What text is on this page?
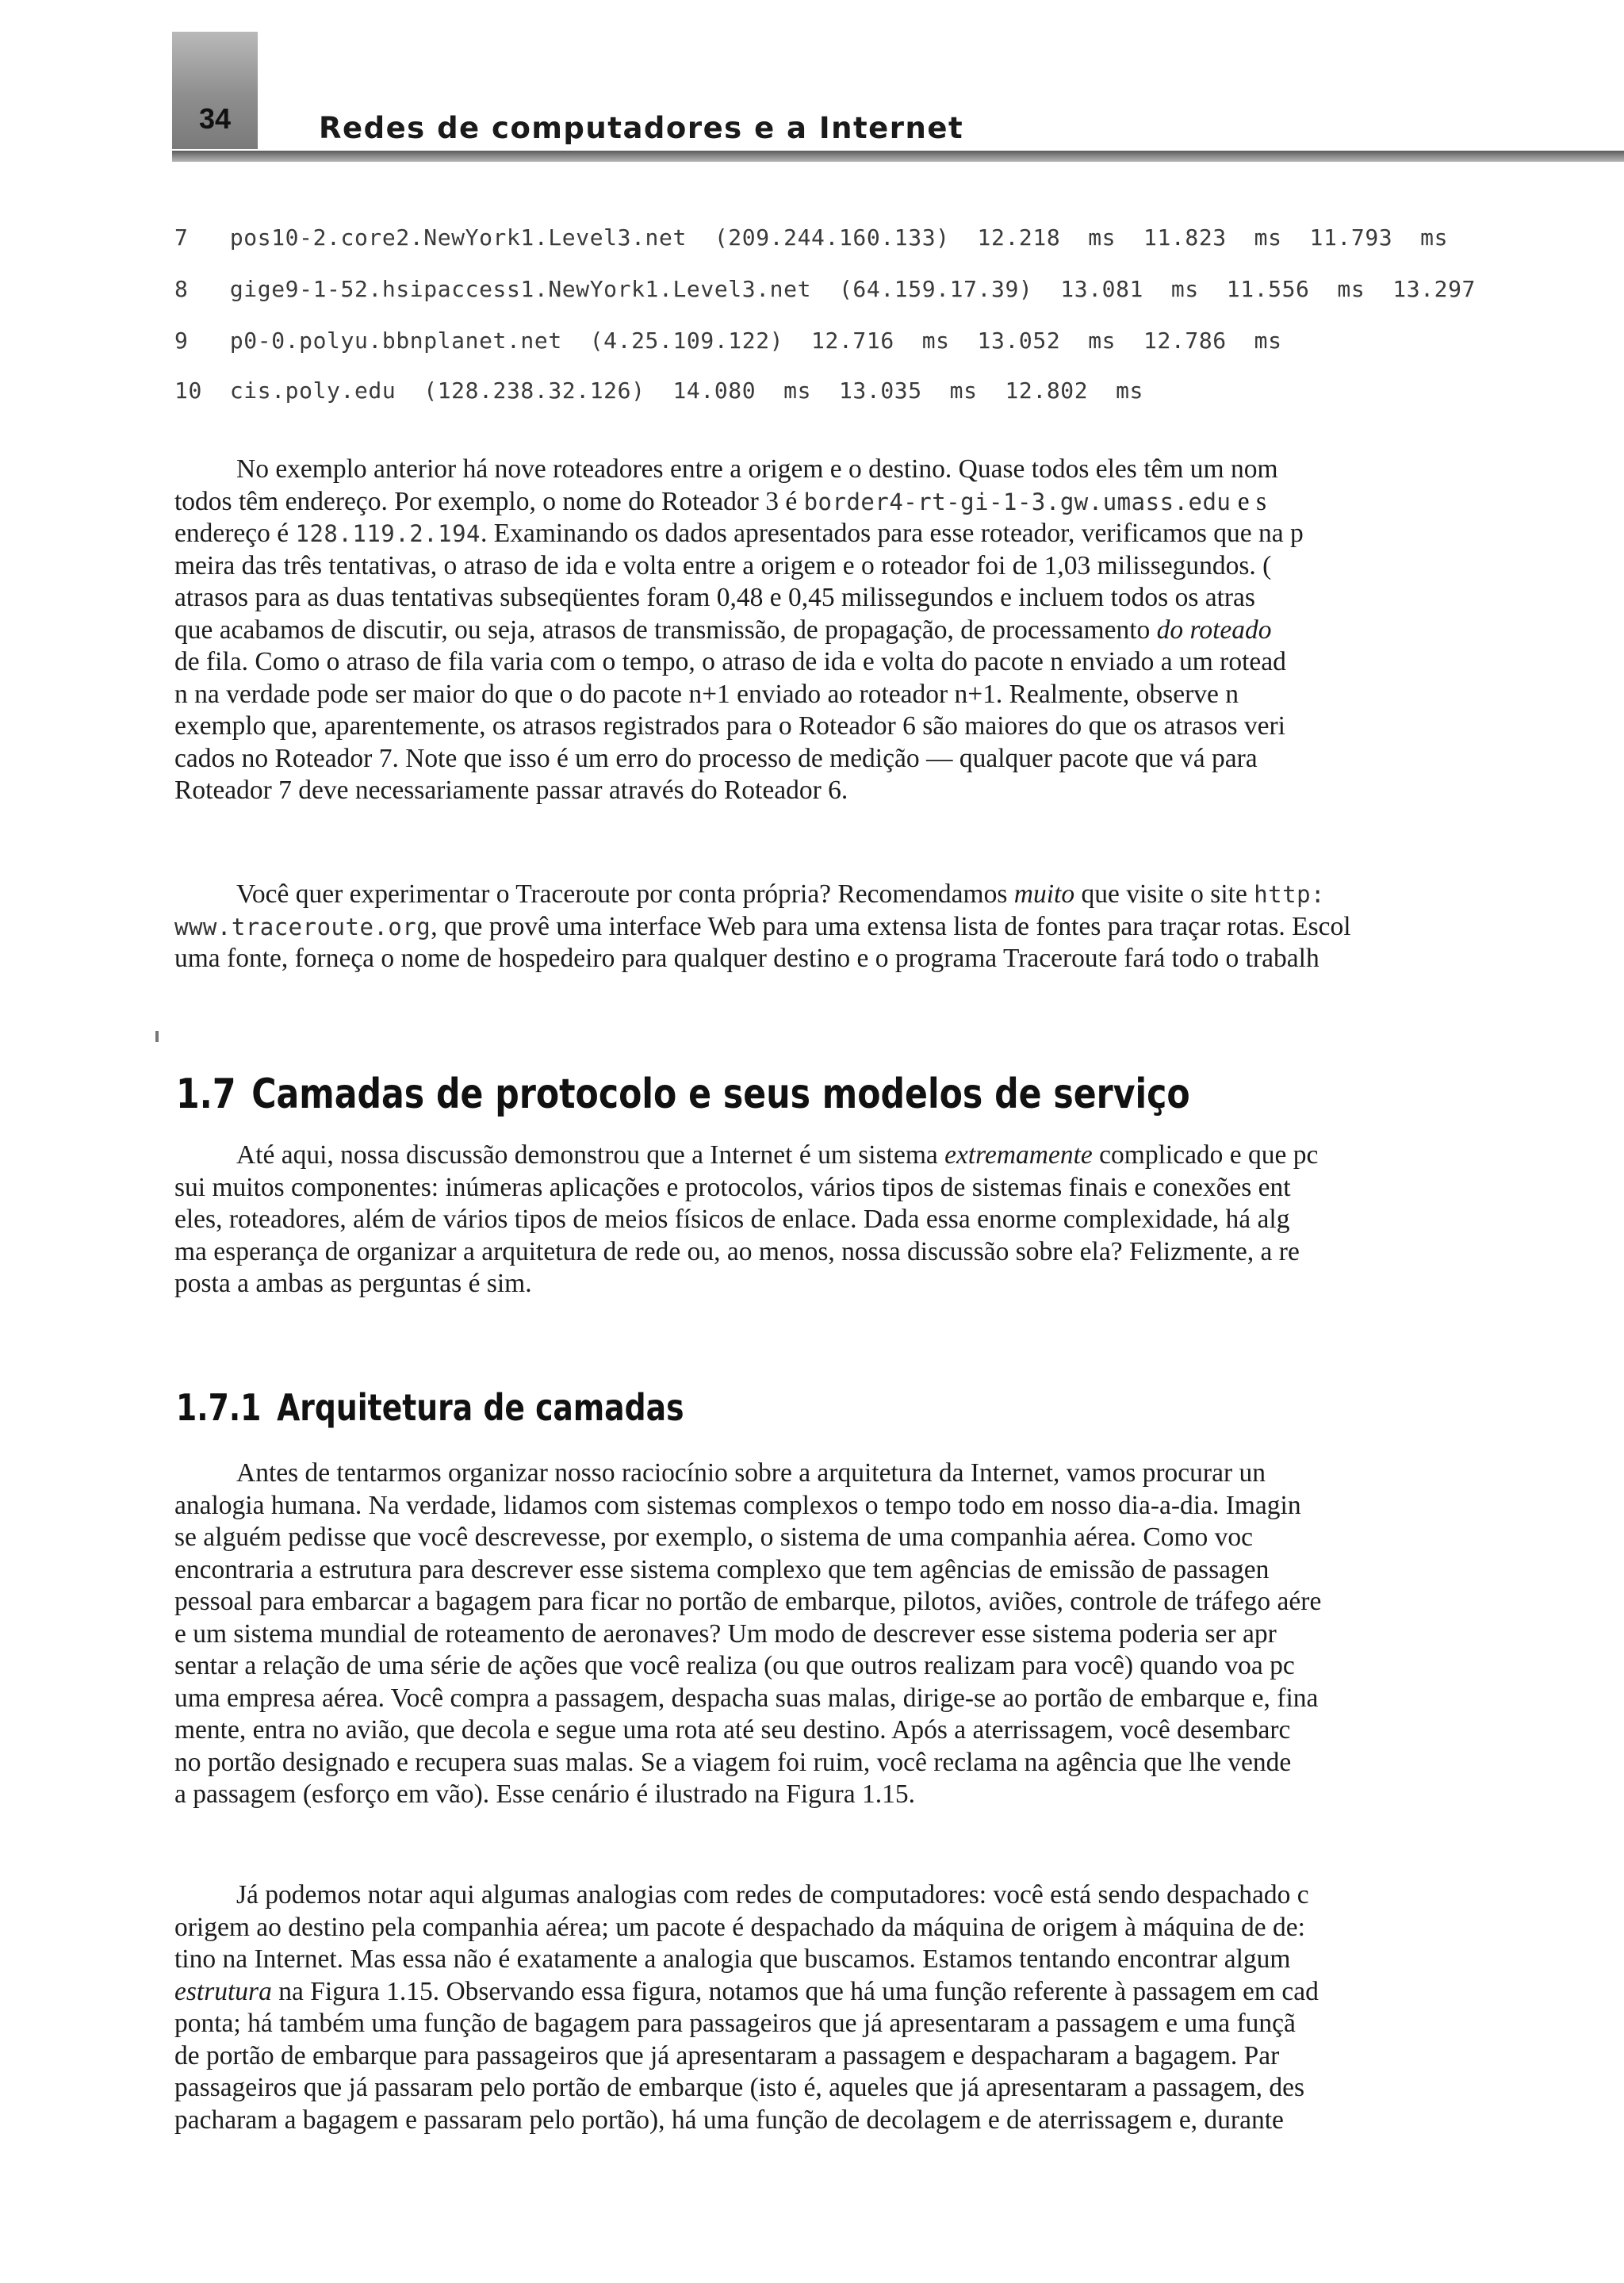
34	Redes de computadores e a Internet
7   pos10-2.core2.NewYork1.Level3.net  (209.244.160.133)  12.218  ms  11.823  ms  11.793  ms
8   gige9-1-52.hsipaccess1.NewYork1.Level3.net  (64.159.17.39)  13.081  ms  11.556  ms  13.297
9   p0-0.polyu.bbnplanet.net  (4.25.109.122)  12.716  ms  13.052  ms  12.786  ms
10  cis.poly.edu  (128.238.32.126)  14.080  ms  13.035  ms  12.802  ms
No exemplo anterior há nove roteadores entre a origem e o destino. Quase todos eles têm um nom
todos têm endereço. Por exemplo, o nome do Roteador 3 é border4-rt-gi-1-3.gw.umass.edu e s
endereço é 128.119.2.194. Examinando os dados apresentados para esse roteador, verificamos que na p
meira das três tentativas, o atraso de ida e volta entre a origem e o roteador foi de 1,03 milissegundos. (
atrasos para as duas tentativas subseqüentes foram 0,48 e 0,45 milissegundos e incluem todos os atras
que acabamos de discutir, ou seja, atrasos de transmissão, de propagação, de processamento do roteado
de fila. Como o atraso de fila varia com o tempo, o atraso de ida e volta do pacote n enviado a um rotead
n na verdade pode ser maior do que o do pacote n+1 enviado ao roteador n+1. Realmente, observe n
exemplo que, aparentemente, os atrasos registrados para o Roteador 6 são maiores do que os atrasos veri
cados no Roteador 7. Note que isso é um erro do processo de medição — qualquer pacote que vá para
Roteador 7 deve necessariamente passar através do Roteador 6.
Você quer experimentar o Traceroute por conta própria? Recomendamos muito que visite o site http:
www.traceroute.org, que provê uma interface Web para uma extensa lista de fontes para traçar rotas. Escol
uma fonte, forneça o nome de hospedeiro para qualquer destino e o programa Traceroute fará todo o trabalh
1.7 Camadas de protocolo e seus modelos de serviço
Até aqui, nossa discussão demonstrou que a Internet é um sistema extremamente complicado e que pc
sui muitos componentes: inúmeras aplicações e protocolos, vários tipos de sistemas finais e conexões ent
eles, roteadores, além de vários tipos de meios físicos de enlace. Dada essa enorme complexidade, há alg
ma esperança de organizar a arquitetura de rede ou, ao menos, nossa discussão sobre ela? Felizmente, a re
posta a ambas as perguntas é sim.
1.7.1 Arquitetura de camadas
Antes de tentarmos organizar nosso raciocínio sobre a arquitetura da Internet, vamos procurar un
analogia humana. Na verdade, lidamos com sistemas complexos o tempo todo em nosso dia-a-dia. Imagin
se alguém pedisse que você descrevesse, por exemplo, o sistema de uma companhia aérea. Como voc
encontraria a estrutura para descrever esse sistema complexo que tem agências de emissão de passagen
pessoal para embarcar a bagagem para ficar no portão de embarque, pilotos, aviões, controle de tráfego aére
e um sistema mundial de roteamento de aeronaves? Um modo de descrever esse sistema poderia ser apr
sentar a relação de uma série de ações que você realiza (ou que outros realizam para você) quando voa pc
uma empresa aérea. Você compra a passagem, despacha suas malas, dirige-se ao portão de embarque e, fina
mente, entra no avião, que decola e segue uma rota até seu destino. Após a aterrissagem, você desembarc
no portão designado e recupera suas malas. Se a viagem foi ruim, você reclama na agência que lhe vende
a passagem (esforço em vão). Esse cenário é ilustrado na Figura 1.15.
Já podemos notar aqui algumas analogias com redes de computadores: você está sendo despachado c
origem ao destino pela companhia aérea; um pacote é despachado da máquina de origem à máquina de de:
tino na Internet. Mas essa não é exatamente a analogia que buscamos. Estamos tentando encontrar algum
estrutura na Figura 1.15. Observando essa figura, notamos que há uma função referente à passagem em cad
ponta; há também uma função de bagagem para passageiros que já apresentaram a passagem e uma funçã
de portão de embarque para passageiros que já apresentaram a passagem e despacharam a bagagem. Par
passageiros que já passaram pelo portão de embarque (isto é, aqueles que já apresentaram a passagem, des
pacharam a bagagem e passaram pelo portão), há uma função de decolagem e de aterrissagem e, durante
